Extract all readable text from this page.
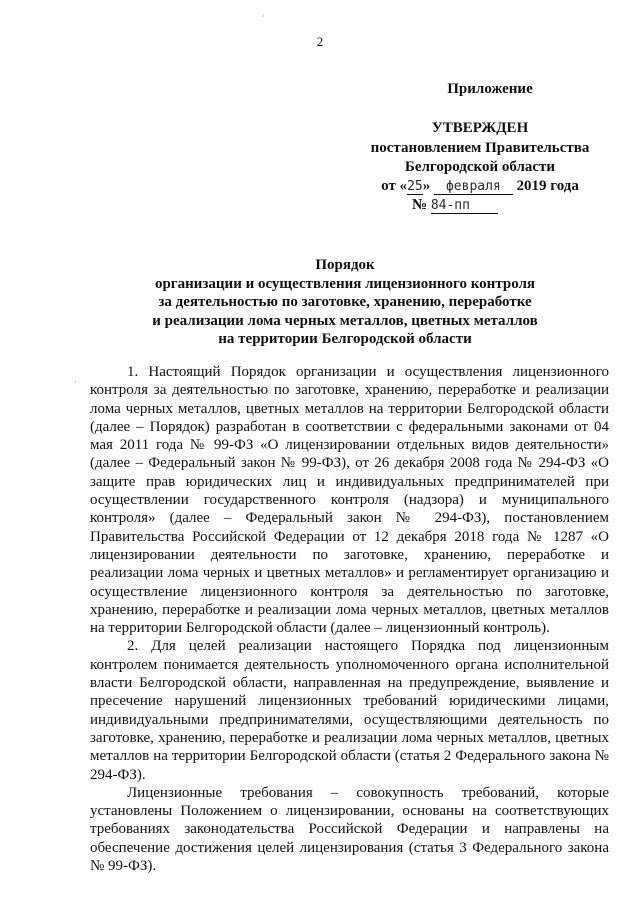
·
·
2
Приложение
УТВЕРЖДЕН
постановлением Правительства
Белгородской области
от «25» февраля 2019 года
№ 84-пп
Порядок
организации и осуществления лицензионного контроля
за деятельностью по заготовке, хранению, переработке
и реализации лома черных металлов, цветных металлов
на территории Белгородской области

1. Настоящий Порядок организации и осуществления лицензионного контроля за деятельностью по заготовке, хранению, переработке и реализации лома черных металлов, цветных металлов на территории Белгородской области (далее – Порядок) разработан в соответствии с федеральными законами от 04 мая 2011 года № 99-ФЗ «О лицензировании отдельных видов деятельности» (далее – Федеральный закон № 99-ФЗ), от 26 декабря 2008 года № 294-ФЗ «О защите прав юридических лиц и индивидуальных предпринимателей при осуществлении государственного контроля (надзора) и муниципального контроля» (далее – Федеральный закон № 294-ФЗ), постановлением Правительства Российской Федерации от 12 декабря 2018 года № 1287 «О лицензировании деятельности по заготовке, хранению, переработке и реализации лома черных и цветных металлов» и регламентирует организацию и осуществление лицензионного контроля за деятельностью по заготовке, хранению, переработке и реализации лома черных металлов, цветных металлов на территории Белгородской области (далее – лицензионный контроль).

2. Для целей реализации настоящего Порядка под лицензионным контролем понимается деятельность уполномоченного органа исполнительной власти Белгородской области, направленная на предупреждение, выявление и пресечение нарушений лицензионных требований юридическими лицами, индивидуальными предпринимателями, осуществляющими деятельность по заготовке, хранению, переработке и реализации лома черных металлов, цветных металлов на территории Белгородской области (статья 2 Федерального закона № 294-ФЗ).

Лицензионные требования – совокупность требований, которые установлены Положением о лицензировании, основаны на соответствующих требованиях законодательства Российской Федерации и направлены на обеспечение достижения целей лицензирования (статья 3 Федерального закона № 99-ФЗ).
